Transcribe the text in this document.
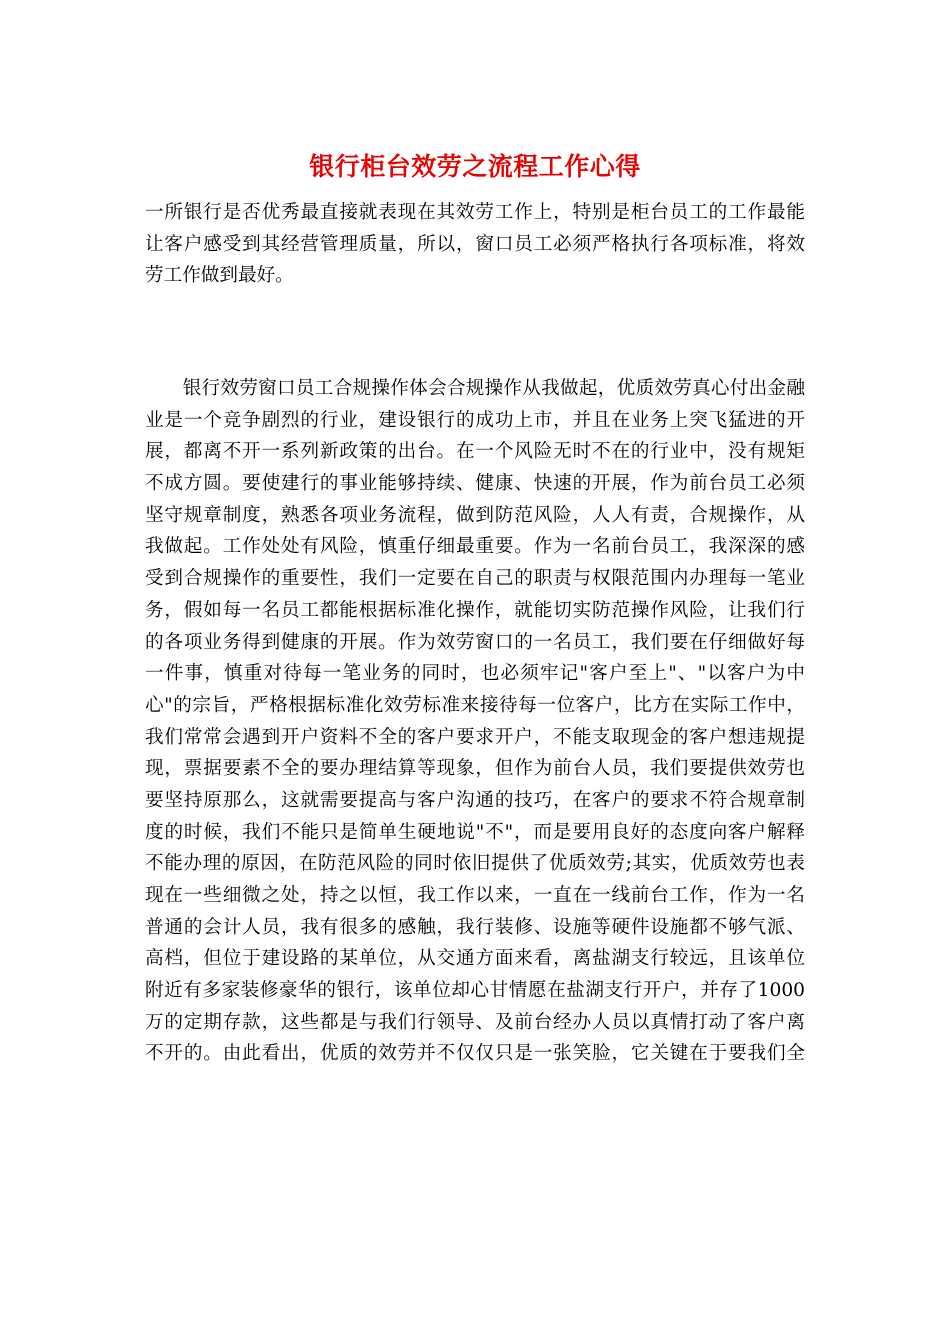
银行柜台效劳之流程工作心得
一所银行是否优秀最直接就表现在其效劳工作上，特别是柜台员工的工作最能
让客户感受到其经营管理质量，所以，窗口员工必须严格执行各项标准，将效
劳工作做到最好。
　　银行效劳窗口员工合规操作体会合规操作从我做起，优质效劳真心付出金融
业是一个竞争剧烈的行业，建设银行的成功上市，并且在业务上突飞猛进的开
展，都离不开一系列新政策的出台。在一个风险无时不在的行业中，没有规矩
不成方圆。要使建行的事业能够持续、健康、快速的开展，作为前台员工必须
坚守规章制度，熟悉各项业务流程，做到防范风险，人人有责，合规操作，从
我做起。工作处处有风险，慎重仔细最重要。作为一名前台员工，我深深的感
受到合规操作的重要性，我们一定要在自己的职责与权限范围内办理每一笔业
务，假如每一名员工都能根据标准化操作，就能切实防范操作风险，让我们行
的各项业务得到健康的开展。作为效劳窗口的一名员工，我们要在仔细做好每
一件事，慎重对待每一笔业务的同时，也必须牢记"客户至上"、"以客户为中
心"的宗旨，严格根据标准化效劳标准来接待每一位客户，比方在实际工作中，
我们常常会遇到开户资料不全的客户要求开户，不能支取现金的客户想违规提
现，票据要素不全的要办理结算等现象，但作为前台人员，我们要提供效劳也
要坚持原那么，这就需要提高与客户沟通的技巧，在客户的要求不符合规章制
度的时候，我们不能只是简单生硬地说"不"，而是要用良好的态度向客户解释
不能办理的原因，在防范风险的同时依旧提供了优质效劳;其实，优质效劳也表
现在一些细微之处，持之以恒，我工作以来，一直在一线前台工作，作为一名
普通的会计人员，我有很多的感触，我行装修、设施等硬件设施都不够气派、
高档，但位于建设路的某单位，从交通方面来看，离盐湖支行较远，且该单位
附近有多家装修豪华的银行，该单位却心甘情愿在盐湖支行开户，并存了1000
万的定期存款，这些都是与我们行领导、及前台经办人员以真情打动了客户离
不开的。由此看出，优质的效劳并不仅仅只是一张笑脸，它关键在于要我们全
